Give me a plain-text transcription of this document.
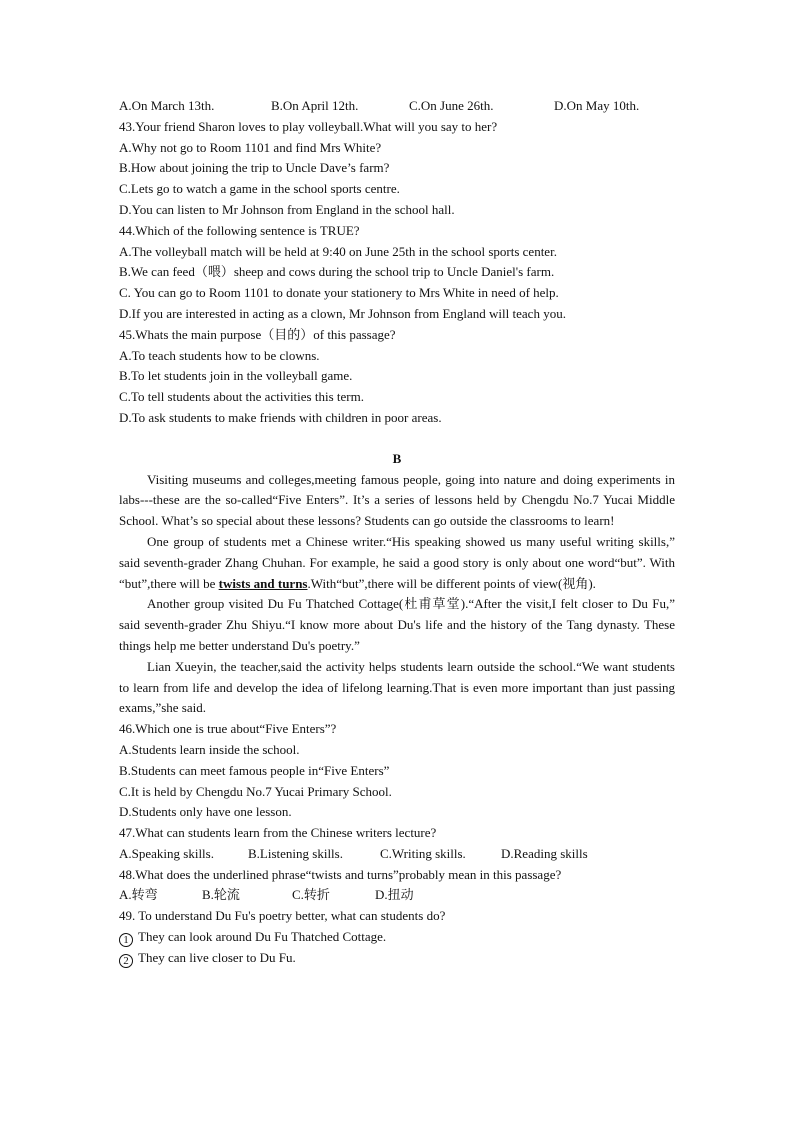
A.On March 13th.	B.On April 12th.	C.On June 26th.	D.On May 10th.
43.Your friend Sharon loves to play volleyball.What will you say to her?
A.Why not go to Room 1101 and find Mrs White?
B.How about joining the trip to Uncle Dave’s farm?
C.Lets go to watch a game in the school sports centre.
D.You can listen to Mr Johnson from England in the school hall.
44.Which of the following sentence is TRUE?
A.The volleyball match will be held at 9:40 on June 25th in the school sports center.
B.We can feed（喂）sheep and cows during the school trip to Uncle Daniel's farm.
C. You can go to Room 1101 to donate your stationery to Mrs White in need of help.
D.If you are interested in acting as a clown, Mr Johnson from England will teach you.
45.Whats the main purpose（目的）of this passage?
A.To teach students how to be clowns.
B.To let students join in the volleyball game.
C.To tell students about the activities this term.
D.To ask students to make friends with children in poor areas.
B

Visiting museums and colleges,meeting famous people, going into nature and doing experiments in labs---these are the so-called“Five Enters”. It’s a series of lessons held by Chengdu No.7 Yucai Middle School. What’s so special about these lessons? Students can go outside the classrooms to learn!

One group of students met a Chinese writer.“His speaking showed us many useful writing skills,” said seventh-grader Zhang Chuhan. For example, he said a good story is only about one word“but”. With “but”,there will be twists and turns.With“but”,there will be different points of view(视角).

Another group visited Du Fu Thatched Cottage(杜甫草堂).“After the visit,I felt closer to Du Fu,” said seventh-grader Zhu Shiyu.“I know more about Du's life and the history of the Tang dynasty. These things help me better understand Du's poetry.”

Lian Xueyin, the teacher,said the activity helps students learn outside the school.“We want students to learn from life and develop the idea of lifelong learning.That is even more important than just passing exams,”she said.

46.Which one is true about“Five Enters”?
A.Students learn inside the school.
B.Students can meet famous people in“Five Enters”
C.It is held by Chengdu No.7 Yucai Primary School.
D.Students only have one lesson.
47.What can students learn from the Chinese writers lecture?
A.Speaking skills.	B.Listening skills.	C.Writing skills.	D.Reading skills
48.What does the underlined phrase“twists and turns”probably mean in this passage?
A.转弯	B.轮流	C.转折	D.扭动
49. To understand Du Fu's poetry better, what can students do?
1 They can look around Du Fu Thatched Cottage.
2 They can live closer to Du Fu.
